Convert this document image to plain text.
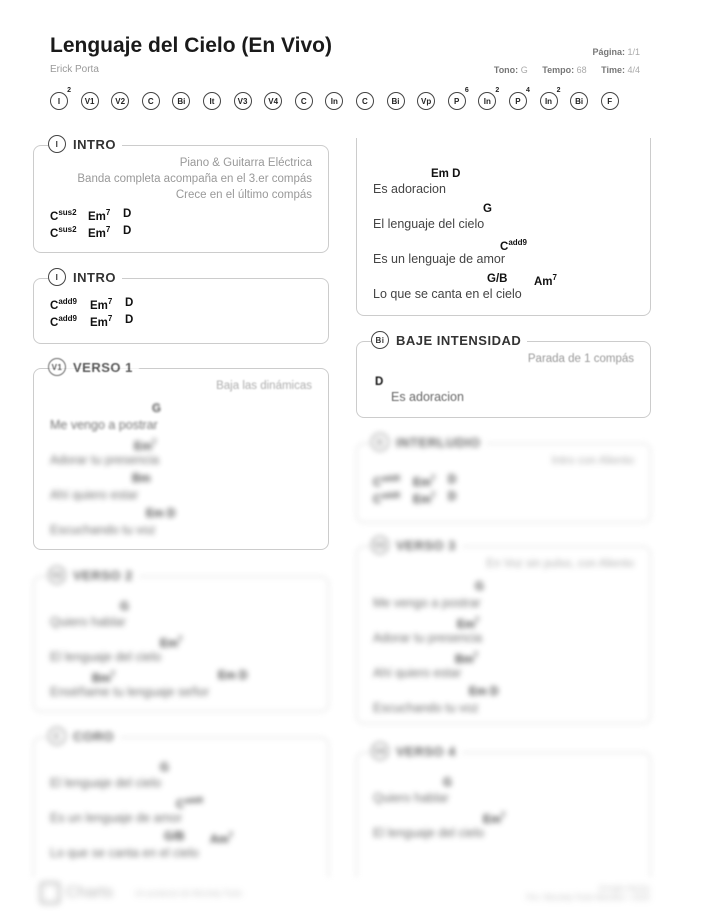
Lenguaje del Cielo (En Vivo)
Erick Porta
Página: 1/1
Tono: G Tempo: 68 Time: 4/4
I
2
V1	V2	C	Bi	It	V3	V4	C	In	C	Bi	Vp	P
6
In
2
P
4
In
2
Bi	F
I	INTRO
Piano & Guitarra Eléctrica
Banda completa acompaña en el 3.er compás
Crece en el último compás
$C^{sus2}$ Em$^7$ D
$C^{sus2}$ Em$^7$ D
I	INTRO
$C^{add9}$ Em$^7$ D
$C^{add9}$ Em$^7$ D
V1 VERSO 1
Baja las dinámicas
G
Me vengo a postrar
Em$^7$
Adorar tu presencia
Bm
Ahí quiero estar
Em D
Escuchando tu voz
V2 VERSO 2
G
Quiero hablar
Em$^7$
El lenguaje del cielo
Bm$^7$	Em D
Enséñame tu lenguaje señor
C CORO
G
El lenguaje del cielo
$C^{add9}$
Es un lenguaje de amor
G/B Am$^7$
Lo que se canta en el cielo
Em D
Es adoracion
G
El lenguaje del cielo
$C^{add9}$
Es un lenguaje de amor
G/B Am$^7$
Lo que se canta en el cielo
Bi BAJE INTENSIDAD
Parada de 1 compás
D
Es adoracion
It	INTERLUDIO
Intro con Aliento
$C^{add9}$ Em$^7$ D
$C^{add9}$ Em$^7$ D
V3 VERSO 3
En Voz sin pulso, con Aliento
G
Me vengo a postrar
Em$^7$
Adorar tu presencia
Bm$^7$
Ahí quiero estar
Em D
Escuchando tu voz
V4 VERSO 4
G
Quiero hablar
Em$^7$
El lenguaje del cielo
Charts	Un producto de Worship Tools	Arreglo Hecho
Por: Worship Tools Member • 2025
